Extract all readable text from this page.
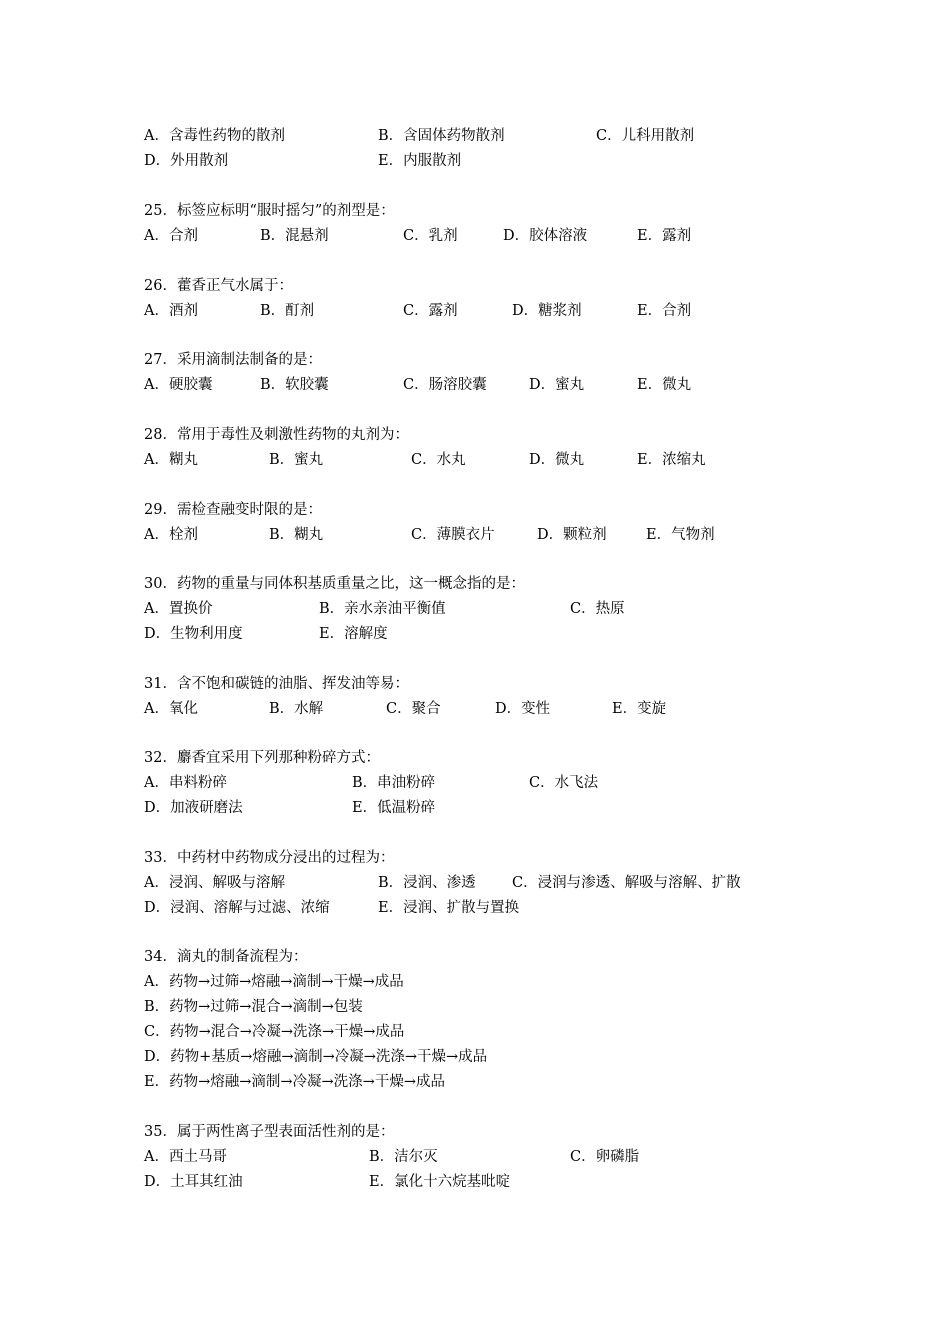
A．含毒性药物的散剂	B．含固体药物散剂	C．儿科用散剂
D．外用散剂	E．内服散剂
25．标签应标明“服时摇匀”的剂型是：
A．合剂	B．混悬剂	C．乳剂	D．胶体溶液	E．露剂
26．藿香正气水属于：
A．酒剂	B．酊剂	C．露剂	D．糖浆剂	E．合剂
27．采用滴制法制备的是：
A．硬胶囊	B．软胶囊	C．肠溶胶囊	D．蜜丸	E．微丸
28．常用于毒性及刺激性药物的丸剂为：
A．糊丸	B．蜜丸	C．水丸	D．微丸	E．浓缩丸
29．需检查融变时限的是：
A．栓剂	B．糊丸	C．薄膜衣片	D．颗粒剂	E．气物剂
30．药物的重量与同体积基质重量之比，这一概念指的是：
A．置换价	B．亲水亲油平衡值	C．热原
D．生物利用度	E．溶解度
31．含不饱和碳链的油脂、挥发油等易：
A．氧化	B．水解	C．聚合	D．变性	E．变旋
32．麝香宜采用下列那种粉碎方式：
A．串料粉碎	B．串油粉碎	C．水飞法
D．加液研磨法	E．低温粉碎
33．中药材中药物成分浸出的过程为：
A．浸润、解吸与溶解	B．浸润、渗透	C．浸润与渗透、解吸与溶解、扩散
D．浸润、溶解与过滤、浓缩	E．浸润、扩散与置换
34．滴丸的制备流程为：
A．药物→过筛→熔融→滴制→干燥→成品
B．药物→过筛→混合→滴制→包装
C．药物→混合→冷凝→洗涤→干燥→成品
D．药物+基质→熔融→滴制→冷凝→洗涤→干燥→成品
E．药物→熔融→滴制→冷凝→洗涤→干燥→成品
35．属于两性离子型表面活性剂的是：
A．西土马哥	B．洁尔灭	C．卵磷脂
D．土耳其红油	E．氯化十六烷基吡啶
